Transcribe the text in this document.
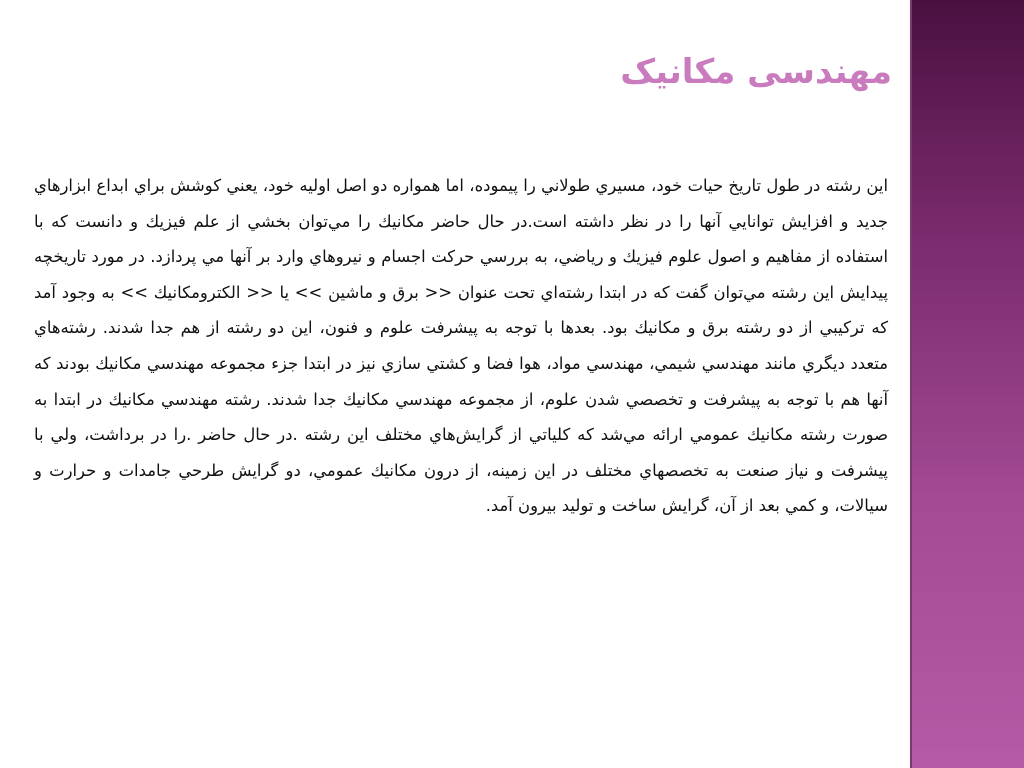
مهندسی مکانیک

اين رشته در طول تاريخ حيات خود، مسيري طولاني را پيموده، اما همواره دو اصل اوليه خود، يعني كوشش براي ابداع ابزارهاي جديد و افزايش توانايي آنها را در نظر داشته است.در حال حاضر مكانيك را مي‌توان بخشي از علم فيزيك و دانست كه با استفاده از مفاهيم و اصول علوم فيزيك و رياضي، به بررسي حركت اجسام و نيروهاي وارد بر آنها مي پردازد. در مورد تاريخچه پيدايش اين رشته مي‌توان گفت كه در ابتدا رشته‌اي تحت عنوان << برق و ماشين >> يا << الكترومكانيك >> به وجود آمد كه تركيبي از دو رشته برق و مكانيك بود. بعدها با توجه به پيشرفت علوم و فنون، اين دو رشته از هم جدا شدند. رشته‌هاي متعدد ديگري مانند مهندسي شيمي، مهندسي مواد، هوا فضا و كشتي سازي نيز در ابتدا جزء مجموعه مهندسي مكانيك بودند كه آنها هم با توجه به پيشرفت و تخصصي شدن علوم، از مجموعه مهندسي مكانيك جدا شدند. رشته مهندسي مكانيك در ابتدا به صورت رشته مكانيك عمومي ارائه مي‌شد كه كلياتي از گرايش‌هاي مختلف اين رشته .در حال حاضر .را در برداشت، ولي با پيشرفت و نياز صنعت به تخصصهاي مختلف در اين زمينه، از درون مكانيك عمومي، دو گرايش طرحي جامدات و حرارت و سيالات، و كمي بعد از آن، گرايش ساخت و توليد بيرون آمد.
